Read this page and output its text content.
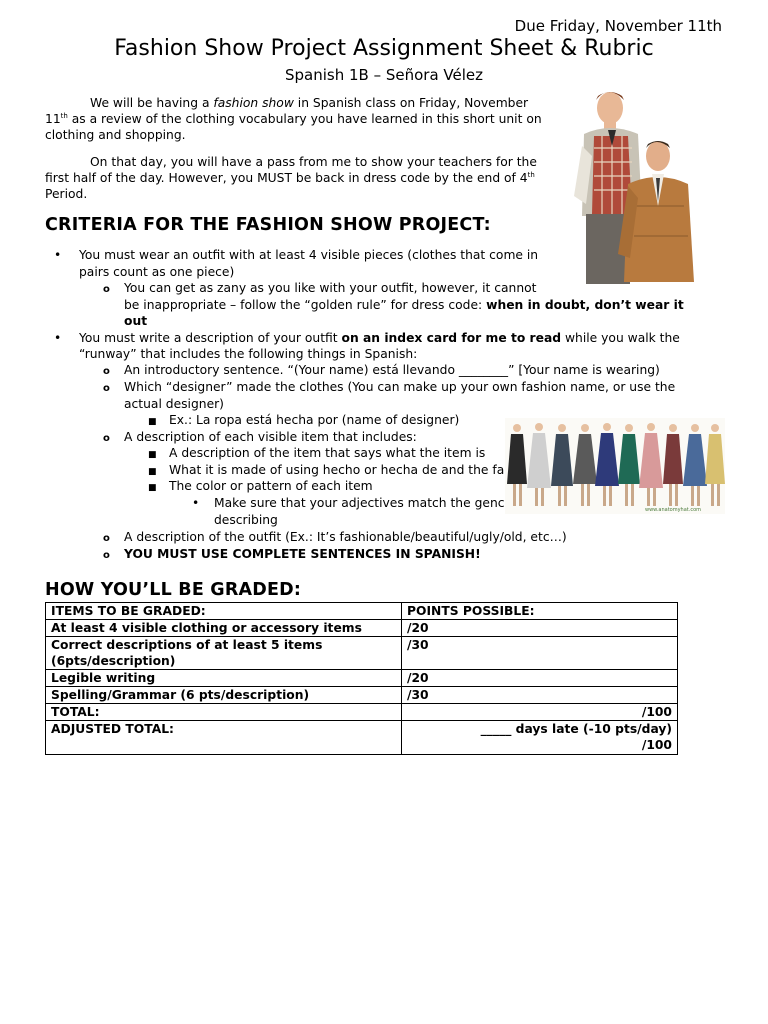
Due Friday, November 11th
Fashion Show Project Assignment Sheet & Rubric
Spanish 1B – Señora Vélez
We will be having a fashion show in Spanish class on Friday, November
11th as a review of the clothing vocabulary you have learned in this short unit on
clothing and shopping.
On that day, you will have a pass from me to show your teachers for the
first half of the day. However, you MUST be back in dress code by the end of 4th
Period.
CRITERIA FOR THE FASHION SHOW PROJECT:
• You must wear an outfit with at least 4 visible pieces (clothes that come in
pairs count as one piece)
o You can get as zany as you like with your outfit, however, it cannot
be inappropriate – follow the “golden rule” for dress code: when in doubt, don’t wear it
out
• You must write a description of your outfit on an index card for me to read while you walk the
“runway” that includes the following things in Spanish:
o An introductory sentence. “(Your name) está llevando ________” [Your name is wearing)
o Which “designer” made the clothes (You can make up your own fashion name, or use the
actual designer)
■ Ex.: La ropa está hecha por (name of designer)
o A description of each visible item that includes:
■ A description of the item that says what the item is
■ What it is made of using hecho or hecha de and the fa
■ The color or pattern of each item
• Make sure that your adjectives match the genc
describing
o A description of the outfit (Ex.: It’s fashionable/beautiful/ugly/old, etc…)
o YOU MUST USE COMPLETE SENTENCES IN SPANISH!
www.anatomyhat.com
HOW YOU’LL BE GRADED:
ITEMS TO BE GRADED:	POINTS POSSIBLE:
At least 4 visible clothing or accessory items	/20
Correct descriptions of at least 5 items (6pts/description)	/30
Legible writing	/20
Spelling/Grammar (6 pts/description)	/30
TOTAL:	/100
ADJUSTED TOTAL:	_____ days late (-10 pts/day)
/100
